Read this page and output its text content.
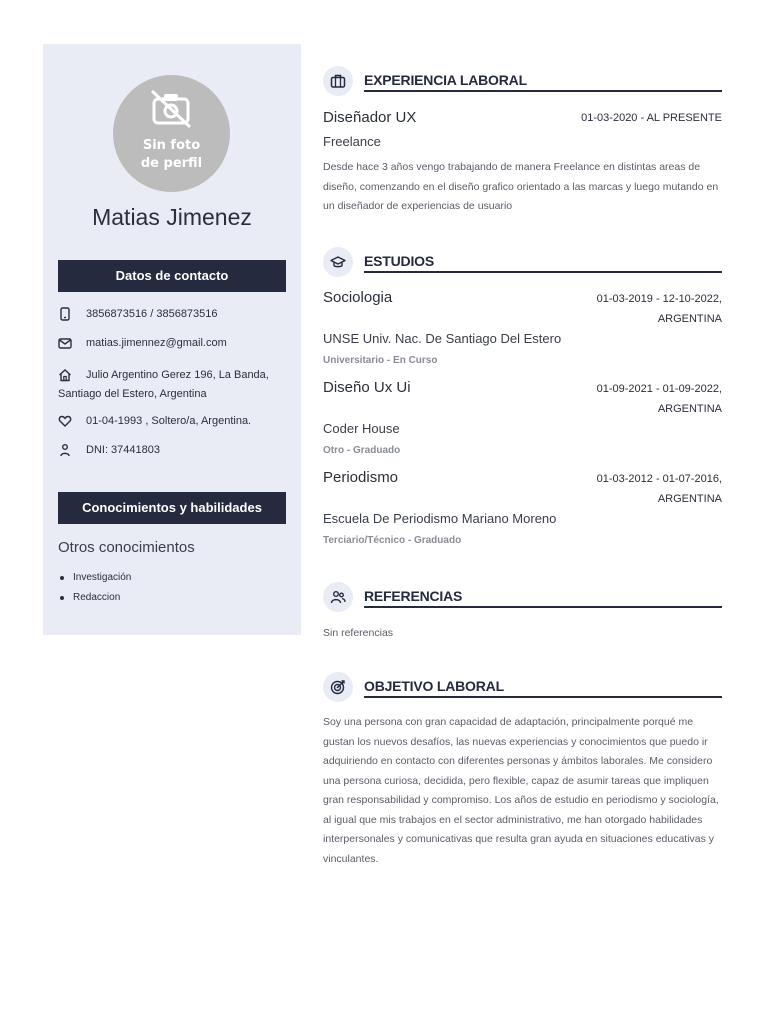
Sin foto
de perfil
Matias Jimenez
Datos de contacto
3856873516 / 3856873516
matias.jimennez@gmail.com
Julio Argentino Gerez 196, La Banda, Santiago del Estero, Argentina
01-04-1993 , Soltero/a, Argentina.
DNI: 37441803
Conocimientos y habilidades
Otros conocimientos
Investigación
Redaccion
EXPERIENCIA LABORAL
Diseñador UX	01-03-2020 - AL PRESENTE
Freelance
Desde hace 3 años vengo trabajando de manera Freelance en distintas areas de diseño, comenzando en el diseño grafico orientado a las marcas y luego mutando en un diseñador de experiencias de usuario
ESTUDIOS
Sociologia	01-03-2019 - 12-10-2022,
ARGENTINA
UNSE Univ. Nac. De Santiago Del Estero
Universitario - En Curso
Diseño Ux Ui	01-09-2021 - 01-09-2022,
ARGENTINA
Coder House
Otro - Graduado
Periodismo	01-03-2012 - 01-07-2016,
ARGENTINA
Escuela De Periodismo Mariano Moreno
Terciario/Técnico - Graduado
REFERENCIAS
Sin referencias
OBJETIVO LABORAL
Soy una persona con gran capacidad de adaptación, principalmente porqué me gustan los nuevos desafíos, las nuevas experiencias y conocimientos que puedo ir adquiriendo en contacto con diferentes personas y ámbitos laborales. Me considero una persona curiosa, decidida, pero flexible, capaz de asumir tareas que impliquen gran responsabilidad y compromiso. Los años de estudio en periodismo y sociología, al igual que mis trabajos en el sector administrativo, me han otorgado habilidades interpersonales y comunicativas que resulta gran ayuda en situaciones educativas y vinculantes.
